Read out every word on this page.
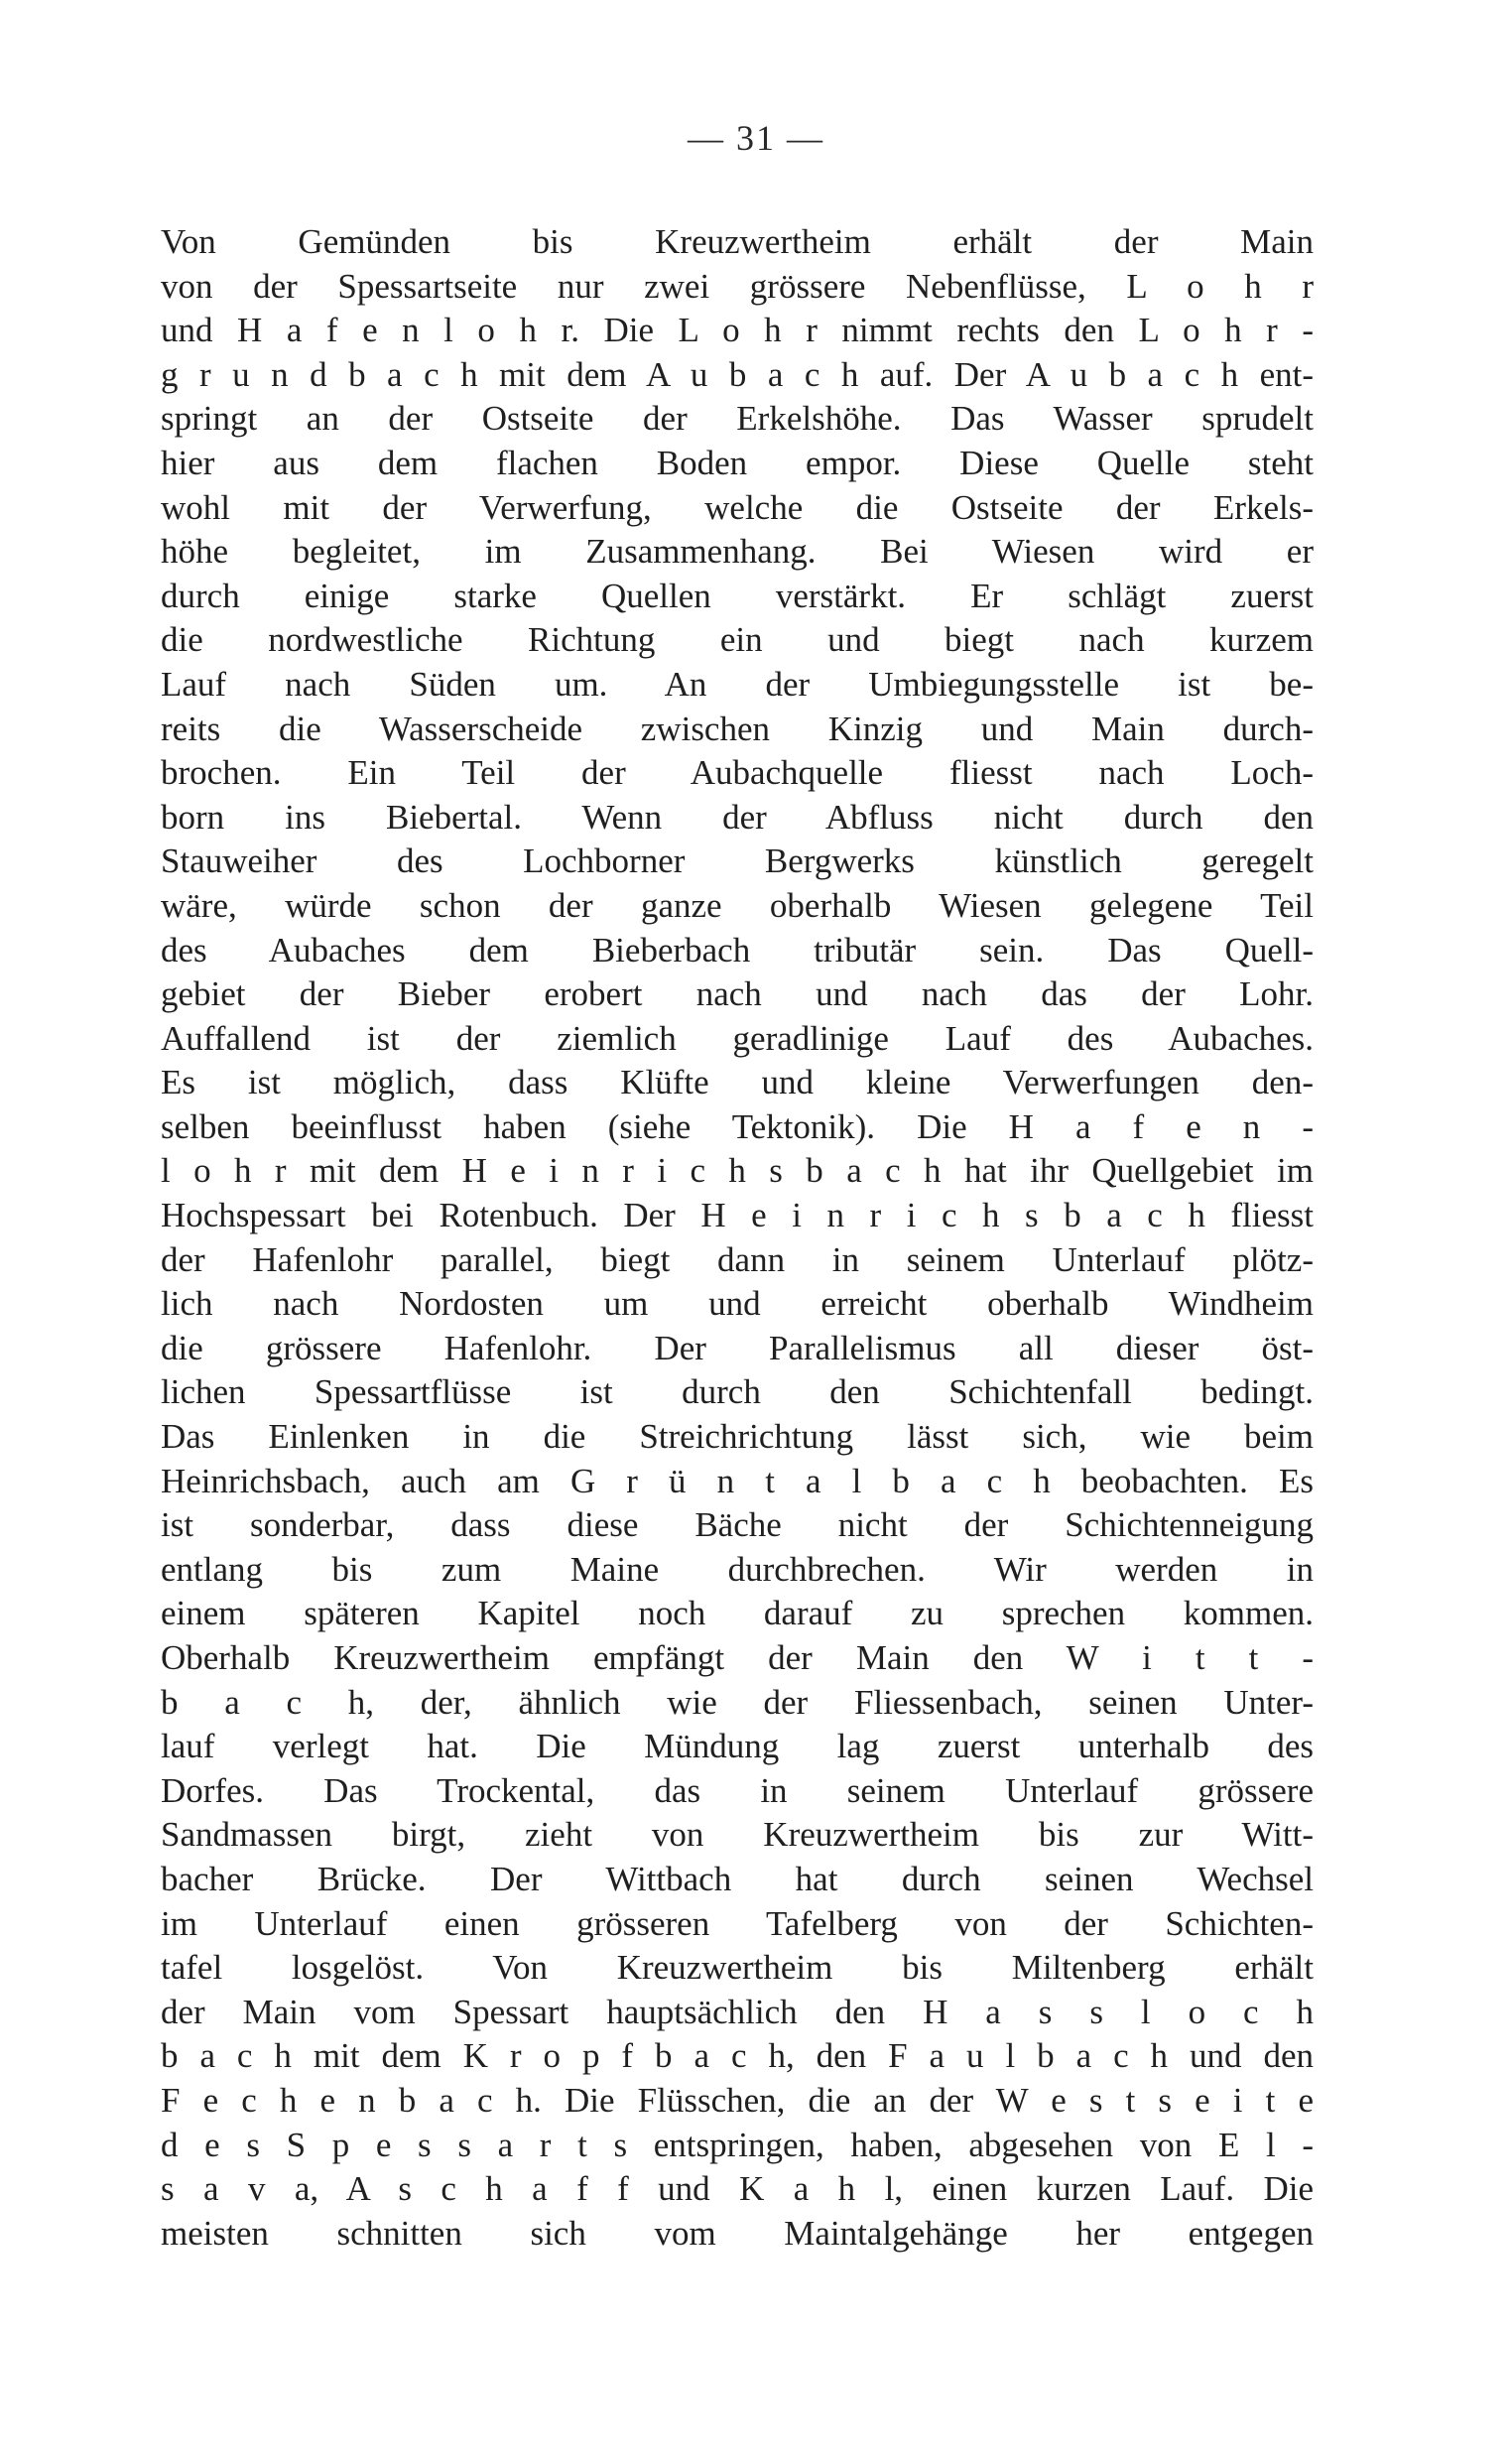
— 31 —
Von Gemünden bis Kreuzwertheim erhält der Main
von der Spessartseite nur zwei grössere Nebenflüsse, L o h r
und H a f e n l o h r. Die L o h r nimmt rechts den L o h r -
g r u n d b a c h mit dem A u b a c h auf. Der A u b a c h ent-
springt an der Ostseite der Erkelshöhe. Das Wasser sprudelt
hier aus dem flachen Boden empor. Diese Quelle steht
wohl mit der Verwerfung, welche die Ostseite der Erkels-
höhe begleitet, im Zusammenhang. Bei Wiesen wird er
durch einige starke Quellen verstärkt. Er schlägt zuerst
die nordwestliche Richtung ein und biegt nach kurzem
Lauf nach Süden um. An der Umbiegungsstelle ist be-
reits die Wasserscheide zwischen Kinzig und Main durch-
brochen. Ein Teil der Aubachquelle fliesst nach Loch-
born ins Biebertal. Wenn der Abfluss nicht durch den
Stauweiher des Lochborner Bergwerks künstlich geregelt
wäre, würde schon der ganze oberhalb Wiesen gelegene Teil
des Aubaches dem Bieberbach tributär sein. Das Quell-
gebiet der Bieber erobert nach und nach das der Lohr.
Auffallend ist der ziemlich geradlinige Lauf des Aubaches.
Es ist möglich, dass Klüfte und kleine Verwerfungen den-
selben beeinflusst haben (siehe Tektonik). Die H a f e n -
l o h r mit dem H e i n r i c h s b a c h hat ihr Quellgebiet im
Hochspessart bei Rotenbuch. Der H e i n r i c h s b a c h fliesst
der Hafenlohr parallel, biegt dann in seinem Unterlauf plötz-
lich nach Nordosten um und erreicht oberhalb Windheim
die grössere Hafenlohr. Der Parallelismus all dieser öst-
lichen Spessartflüsse ist durch den Schichtenfall bedingt.
Das Einlenken in die Streichrichtung lässt sich, wie beim
Heinrichsbach, auch am G r ü n t a l b a c h beobachten. Es
ist sonderbar, dass diese Bäche nicht der Schichtenneigung
entlang bis zum Maine durchbrechen. Wir werden in
einem späteren Kapitel noch darauf zu sprechen kommen.
Oberhalb Kreuzwertheim empfängt der Main den W i t t -
b a c h, der, ähnlich wie der Fliessenbach, seinen Unter-
lauf verlegt hat. Die Mündung lag zuerst unterhalb des
Dorfes. Das Trockental, das in seinem Unterlauf grössere
Sandmassen birgt, zieht von Kreuzwertheim bis zur Witt-
bacher Brücke. Der Wittbach hat durch seinen Wechsel
im Unterlauf einen grösseren Tafelberg von der Schichten-
tafel losgelöst. Von Kreuzwertheim bis Miltenberg erhält
der Main vom Spessart hauptsächlich den H a s s l o c h
b a c h mit dem K r o p f b a c h, den F a u l b a c h und den
F e c h e n b a c h. Die Flüsschen, die an der W e s t s e i t e
d e s S p e s s a r t s entspringen, haben, abgesehen von E l -
s a v a, A s c h a f f und K a h l, einen kurzen Lauf. Die
meisten schnitten sich vom Maintalgehänge her entgegen
